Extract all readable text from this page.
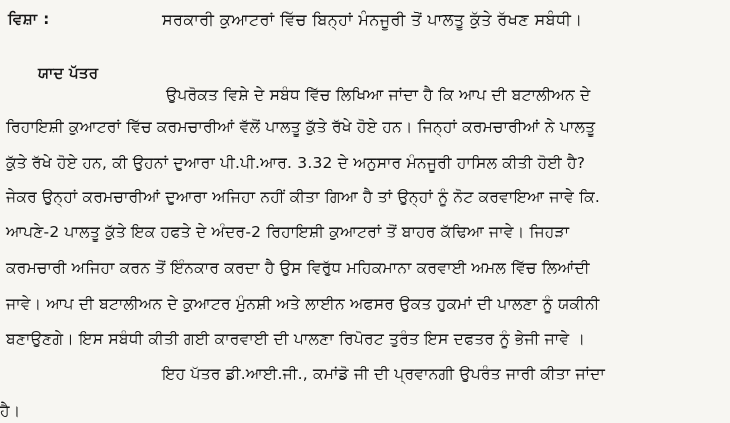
ਵਿਸ਼ਾ :	ਸਰਕਾਰੀ ਕੁਆਟਰਾਂ ਵਿੱਚ ਬਿਨ੍ਹਾਂ ਮੰਨਜੂਰੀ ਤੋਂ ਪਾਲਤੂ ਕੁੱਤੇ ਰੱਖਣ ਸਬੰਧੀ।
ਯਾਦ ਪੱਤਰ
ਉਪਰੋਕਤ ਵਿਸ਼ੇ ਦੇ ਸਬੰਧ ਵਿੱਚ ਲਿਖਿਆ ਜਾਂਦਾ ਹੈ ਕਿ ਆਪ ਦੀ ਬਟਾਲੀਅਨ ਦੇ
ਰਿਹਾਇਸ਼ੀ ਕੁਆਟਰਾਂ ਵਿੱਚ ਕਰਮਚਾਰੀਆਂ ਵੱਲੋਂ ਪਾਲਤੂ ਕੁੱਤੇ ਰੱਖੇ ਹੋਏ ਹਨ। ਜਿਨ੍ਹਾਂ ਕਰਮਚਾਰੀਆਂ ਨੇ ਪਾਲਤੂ
ਕੁੱਤੇ ਰੱਖੇ ਹੋਏ ਹਨ, ਕੀ ਉਹਨਾਂ ਦੁਆਰਾ ਪੀ.ਪੀ.ਆਰ. 3.32 ਦੇ ਅਨੁਸਾਰ ਮੰਨਜੂਰੀ ਹਾਸਿਲ ਕੀਤੀ ਹੋਈ ਹੈ?
ਜੇਕਰ ਉਨ੍ਹਾਂ ਕਰਮਚਾਰੀਆਂ ਦੁਆਰਾ ਅਜਿਹਾ ਨਹੀਂ ਕੀਤਾ ਗਿਆ ਹੈ ਤਾਂ ਉਨ੍ਹਾਂ ਨੂੰ ਨੋਟ ਕਰਵਾਇਆ ਜਾਵੇ ਕਿ.
ਆਪਣੇ-2 ਪਾਲਤੂ ਕੁੱਤੇ ਇਕ ਹਫਤੇ ਦੇ ਅੰਦਰ-2 ਰਿਹਾਇਸ਼ੀ ਕੁਆਟਰਾਂ ਤੋਂ ਬਾਹਰ ਕੱਢਿਆ ਜਾਵੇ। ਜਿਹੜਾ
ਕਰਮਚਾਰੀ ਅਜਿਹਾ ਕਰਨ ਤੋਂ ਇੰਨਕਾਰ ਕਰਦਾ ਹੈ ਉਸ ਵਿਰੁੱਧ ਮਹਿਕਮਾਨਾ ਕਰਵਾਈ ਅਮਲ ਵਿੱਚ ਲਿਆਂਦੀ
ਜਾਵੇ। ਆਪ ਦੀ ਬਟਾਲੀਅਨ ਦੇ ਕੁਆਟਰ ਮੁੰਨਸ਼ੀ ਅਤੇ ਲਾਈਨ ਅਫਸਰ ਉਕਤ ਹੁਕਮਾਂ ਦੀ ਪਾਲਣਾ ਨੂੰ ਯਕੀਨੀ
ਬਣਾਉਣਗੇ। ਇਸ ਸਬੰਧੀ ਕੀਤੀ ਗਈ ਕਾਰਵਾਈ ਦੀ ਪਾਲਣਾ ਰਿਪੋਰਟ ਤੁਰੰਤ ਇਸ ਦਫਤਰ ਨੂੰ ਭੇਜੀ ਜਾਵੇ ।
ਇਹ ਪੱਤਰ ਡੀ.ਆਈ.ਜੀ., ਕਮਾਂਡੋ ਜੀ ਦੀ ਪ੍ਰਵਾਨਗੀ ਉਪਰੰਤ ਜਾਰੀ ਕੀਤਾ ਜਾਂਦਾ
ਹੈ।
